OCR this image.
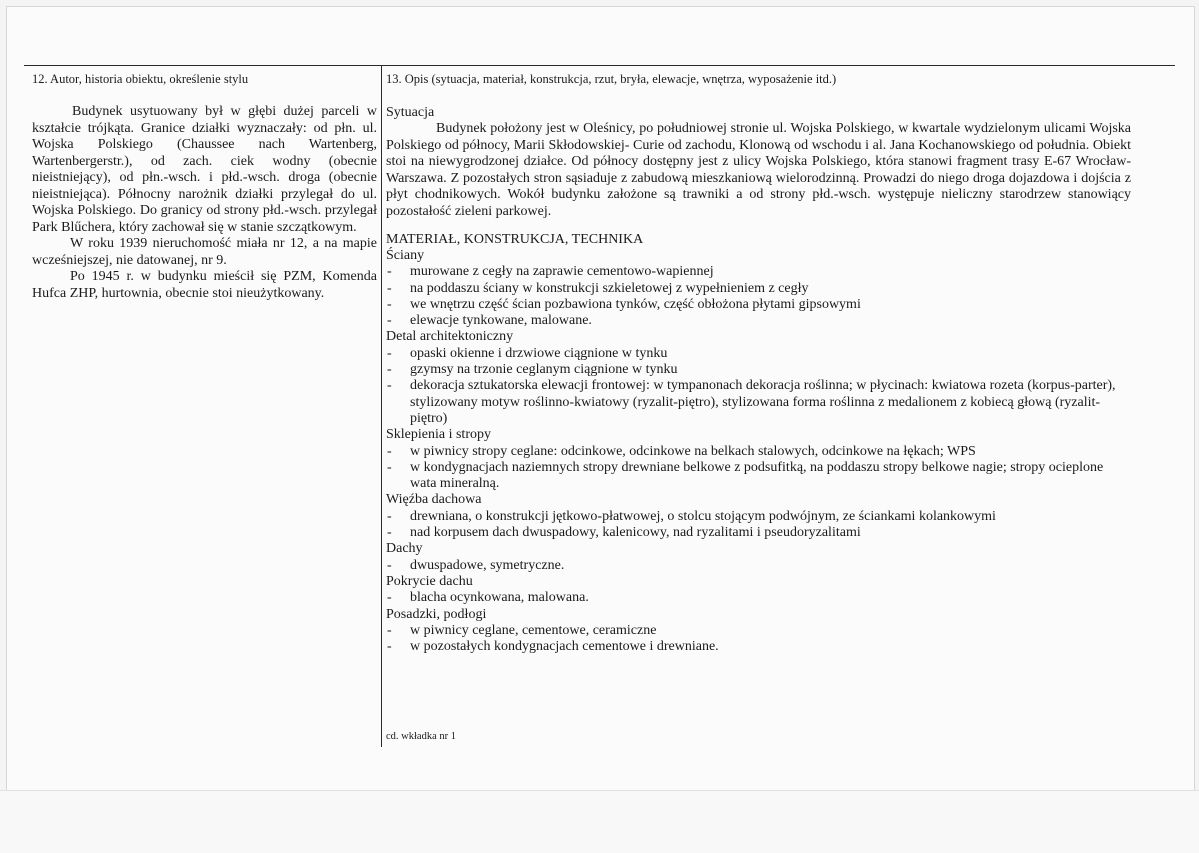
12. Autor, historia obiektu, określenie stylu

Budynek usytuowany był w głębi dużej parceli w kształcie trójkąta. Granice działki wyznaczały: od płn. ul. Wojska Polskiego (Chaussee nach Wartenberg, Wartenbergerstr.), od zach. ciek wodny (obecnie nieistniejący), od płn.-wsch. i płd.-wsch. droga (obecnie nieistniejąca). Północny narożnik działki przylegał do ul. Wojska Polskiego. Do granicy od strony płd.-wsch. przylegał Park Blűchera, który zachował się w stanie szczątkowym.

W roku 1939 nieruchomość miała nr 12, a na mapie wcześniejszej, nie datowanej, nr 9.

Po 1945 r. w budynku mieścił się PZM, Komenda Hufca ZHP, hurtownia, obecnie stoi nieużytkowany.

13. Opis (sytuacja, materiał, konstrukcja, rzut, bryła, elewacje, wnętrza, wyposażenie itd.)

Sytuacja

Budynek położony jest w Oleśnicy, po południowej stronie ul. Wojska Polskiego, w kwartale wydzielonym ulicami Wojska Polskiego od północy, Marii Skłodowskiej- Curie od zachodu, Klonową od wschodu i al. Jana Kochanowskiego od południa. Obiekt stoi na niewygrodzonej działce. Od północy dostępny jest z ulicy Wojska Polskiego, która stanowi fragment trasy E-67 Wrocław-Warszawa. Z pozostałych stron sąsiaduje z zabudową mieszkaniową wielorodzinną. Prowadzi do niego droga dojazdowa i dojścia z płyt chodnikowych. Wokół budynku założone są trawniki a od strony płd.-wsch. występuje nieliczny starodrzew stanowiący pozostałość zieleni parkowej.

MATERIAŁ, KONSTRUKCJA, TECHNIKA

Ściany

- murowane z cegły na zaprawie cementowo-wapiennej
- na poddaszu ściany w konstrukcji szkieletowej z wypełnieniem z cegły
- we wnętrzu część ścian pozbawiona tynków, część obłożona płytami gipsowymi
- elewacje tynkowane, malowane.

Detal architektoniczny

- opaski okienne i drzwiowe ciągnione w tynku
- gzymsy na trzonie ceglanym ciągnione w tynku
- dekoracja sztukatorska elewacji frontowej: w tympanonach dekoracja roślinna; w płycinach: kwiatowa rozeta (korpus-parter), stylizowany motyw roślinno-kwiatowy (ryzalit-piętro), stylizowana forma roślinna z medalionem z kobiecą głową (ryzalit-piętro)

Sklepienia i stropy

- w piwnicy stropy ceglane: odcinkowe, odcinkowe na belkach stalowych, odcinkowe na łękach; WPS
- w kondygnacjach naziemnych stropy drewniane belkowe z podsufitką, na poddaszu stropy belkowe nagie; stropy ocieplone wata mineralną.

Więźba dachowa

- drewniana, o konstrukcji jętkowo-płatwowej, o stolcu stojącym podwójnym, ze ściankami kolankowymi
- nad korpusem dach dwuspadowy, kalenicowy, nad ryzalitami i pseudoryzalitami

Dachy

- dwuspadowe, symetryczne.

Pokrycie dachu

- blacha ocynkowana, malowana.

Posadzki, podłogi

- w piwnicy ceglane, cementowe, ceramiczne
- w pozostałych kondygnacjach cementowe i drewniane.
cd. wkładka nr 1
